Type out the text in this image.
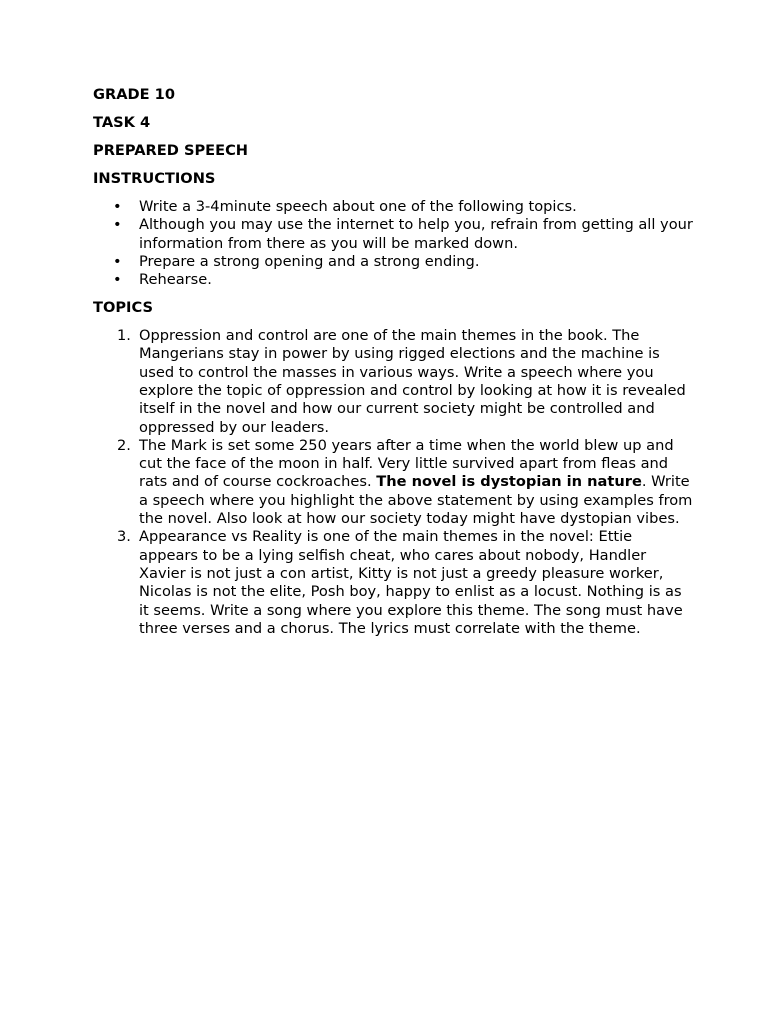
GRADE 10
TASK 4
PREPARED SPEECH
INSTRUCTIONS
• Write a 3-4minute speech about one of the following topics.
• Although you may use the internet to help you, refrain from getting all your information from there as you will be marked down.
• Prepare a strong opening and a strong ending.
• Rehearse.
TOPICS
1. Oppression and control are one of the main themes in the book. The Mangerians stay in power by using rigged elections and the machine is used to control the masses in various ways. Write a speech where you explore the topic of oppression and control by looking at how it is revealed itself in the novel and how our current society might be controlled and oppressed by our leaders.
2. The Mark is set some 250 years after a time when the world blew up and cut the face of the moon in half. Very little survived apart from fleas and rats and of course cockroaches. The novel is dystopian in nature. Write a speech where you highlight the above statement by using examples from the novel. Also look at how our society today might have dystopian vibes.
3. Appearance vs Reality is one of the main themes in the novel: Ettie appears to be a lying selfish cheat, who cares about nobody, Handler Xavier is not just a con artist, Kitty is not just a greedy pleasure worker, Nicolas is not the elite, Posh boy, happy to enlist as a locust. Nothing is as it seems. Write a song where you explore this theme. The song must have three verses and a chorus. The lyrics must correlate with the theme.
